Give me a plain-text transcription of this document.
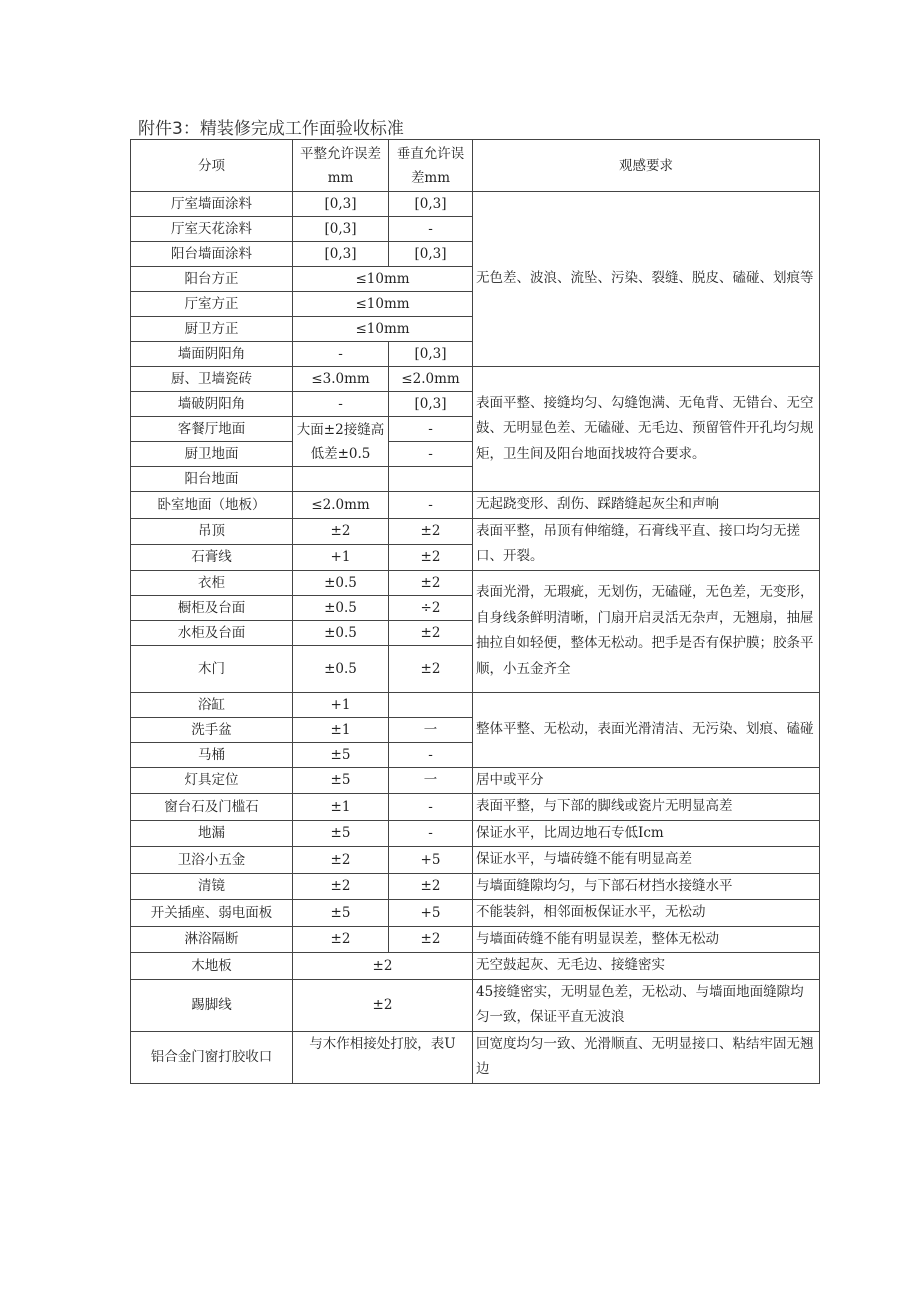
附件3：精装修完成工作面验收标准
分项	平整允许误差mm	垂直允许误差mm	观感要求
厅室墙面涂料	[0,3]	[0,3]	无色差、波浪、流坠、污染、裂缝、脱皮、磕碰、划痕等
厅室天花涂料	[0,3]	-	
阳台墙面涂料	[0,3]	[0,3]	
阳台方正	≤10mm		
厅室方正	≤10mm		
厨卫方正	≤10mm		
墙面阴阳角	-	[0,3]	
厨、卫墙瓷砖	≤3.0mm	≤2.0mm	表面平整、接缝均匀、勾缝饱满、无龟背、无错台、无空鼓、无明显色差、无磕碰、无毛边、预留管件开孔均匀规矩，卫生间及阳台地面找坡符合要求。
墙破阴阳角	-	[0,3]	
客餐厅地面	大面±2接缝高低差±0.5	-	
厨卫地面		-	
阳台地面			
卧室地面（地板）	≤2.0mm	-	无起跷变形、刮伤、踩踏缝起灰尘和声响
吊顶	±2	±2	表面平整，吊顶有伸缩缝，石膏线平直、接口均匀无搓口、开裂。
石膏线	+1	±2	
衣柜	±0.5	±2	表面光滑，无瑕疵，无划伤，无磕碰，无色差，无变形，自身线条鲜明清晰，门扇开启灵活无杂声，无翘扇，抽屉抽拉自如轻便，整体无松动。把手是否有保护膜；胶条平顺，小五金齐全
橱柜及台面	±0.5	÷2	
水柜及台面	±0.5	±2	
木门	±0.5	±2	
浴缸	+1		整体平整、无松动，表面光滑清洁、无污染、划痕、磕碰
洗手盆	±1	一	
马桶	±5	-	
灯具定位	±5	一	居中或平分
窗台石及门槛石	±1	-	表面平整，与下部的脚线或瓷片无明显高差
地漏	±5	-	保证水平，比周边地石专低Icm
卫浴小五金	±2	+5	保证水平，与墙砖缝不能有明显高差
清镜	±2	±2	与墙面缝隙均匀，与下部石材挡水接缝水平
开关插座、弱电面板	±5	+5	不能装斜，相邻面板保证水平，无松动
淋浴隔断	±2	±2	与墙面砖缝不能有明显误差，整体无松动
木地板	±2		无空鼓起灰、无毛边、接缝密实
踢脚线	±2		45接缝密实，无明显色差，无松动、与墙面地面缝隙均匀一致，保证平直无波浪
铝合金门窗打胶收口	与木作相接处打胶，表U		回宽度均匀一致、光滑顺直、无明显接口、粘结牢固无翘边
